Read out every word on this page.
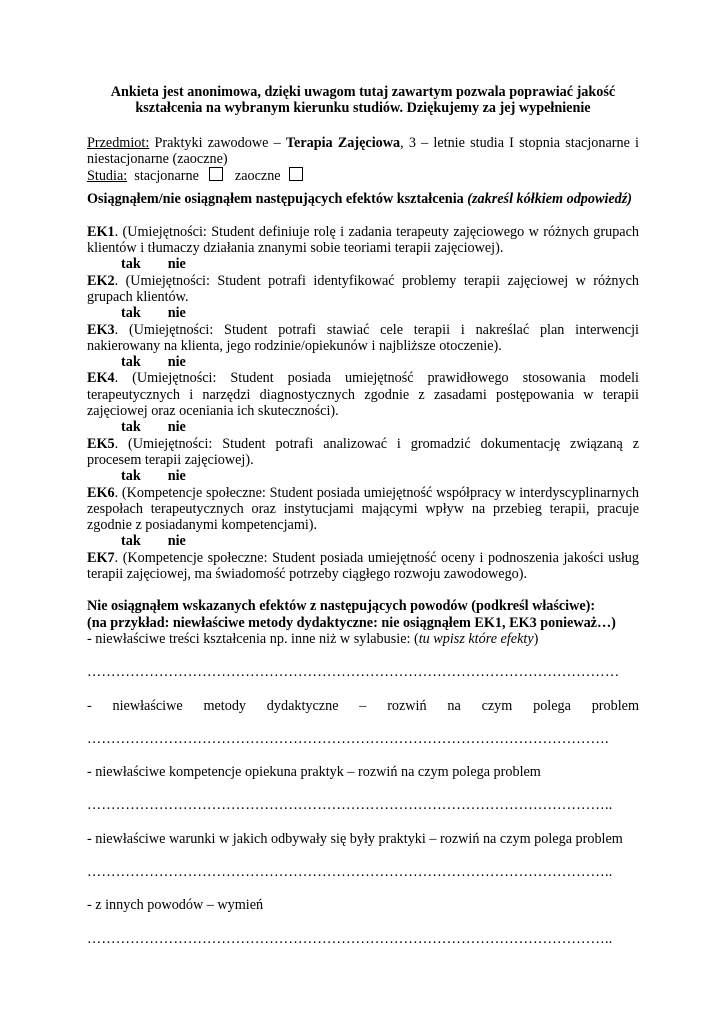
Ankieta jest anonimowa, dzięki uwagom tutaj zawartym pozwala poprawiać jakość

kształcenia na wybranym kierunku studiów. Dziękujemy za jej wypełnienie

Przedmiot: Praktyki zawodowe – Terapia Zajęciowa, 3 – letnie studia I stopnia stacjonarne i niestacjonarne (zaoczne)

Studia: stacjonarne	zaoczne

Osiągnąłem/nie osiągnąłem następujących efektów kształcenia (zakreśl kółkiem odpowiedź)

EK1. (Umiejętności: Student definiuje rolę i zadania terapeuty zajęciowego w różnych grupach klientów i tłumaczy działania znanymi sobie teoriami terapii zajęciowej).

tak nie

EK2. (Umiejętności: Student potrafi identyfikować problemy terapii zajęciowej w różnych grupach klientów.

tak nie

EK3. (Umiejętności: Student potrafi stawiać cele terapii i nakreślać plan interwencji nakierowany na klienta, jego rodzinie/opiekunów i najbliższe otoczenie).

tak nie

EK4. (Umiejętności: Student posiada umiejętność prawidłowego stosowania modeli terapeutycznych i narzędzi diagnostycznych zgodnie z zasadami postępowania w terapii zajęciowej oraz oceniania ich skuteczności).

tak nie

EK5. (Umiejętności: Student potrafi analizować i gromadzić dokumentację związaną z procesem terapii zajęciowej).

tak nie

EK6. (Kompetencje społeczne: Student posiada umiejętność współpracy w interdyscyplinarnych zespołach terapeutycznych oraz instytucjami mającymi wpływ na przebieg terapii, pracuje zgodnie z posiadanymi kompetencjami).

tak nie

EK7. (Kompetencje społeczne: Student posiada umiejętność oceny i podnoszenia jakości usług terapii zajęciowej, ma świadomość potrzeby ciągłego rozwoju zawodowego).

Nie osiągnąłem wskazanych efektów z następujących powodów (podkreśl właściwe):

(na przykład: niewłaściwe metody dydaktyczne: nie osiągnąłem EK1, EK3 ponieważ…)

- niewłaściwe treści kształcenia np. inne niż w sylabusie: (tu wpisz które efekty)

…………………………………………………………………………………………………

- niewłaściwe metody dydaktyczne – rozwiń na czym polega problem

……………………………………………………………………………………………….

- niewłaściwe kompetencje opiekuna praktyk – rozwiń na czym polega problem

………………………………………………………………………………………………..

- niewłaściwe warunki w jakich odbywały się były praktyki – rozwiń na czym polega problem

………………………………………………………………………………………………..

- z innych powodów – wymień

………………………………………………………………………………………………..
